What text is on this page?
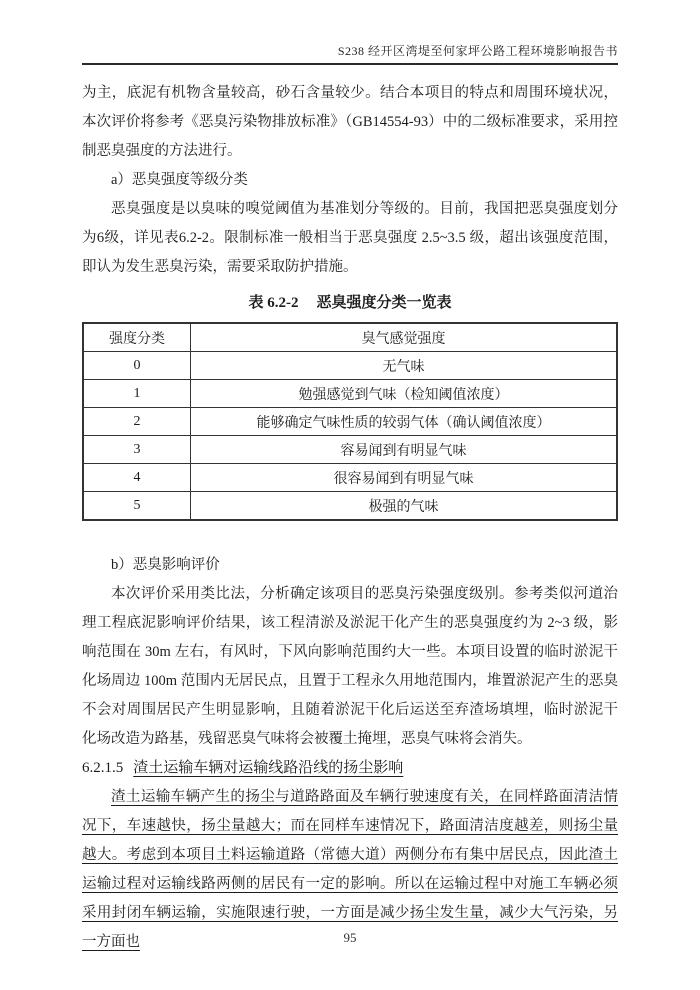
S238 经开区湾堤至何家坪公路工程环境影响报告书

为主，底泥有机物含量较高，砂石含量较少。结合本项目的特点和周围环境状况，本次评价将参考《恶臭污染物排放标准》（GB14554-93）中的二级标准要求，采用控制恶臭强度的方法进行。

a）恶臭强度等级分类

恶臭强度是以臭味的嗅觉阈值为基准划分等级的。目前，我国把恶臭强度划分为6级，详见表6.2-2。限制标准一般相当于恶臭强度 2.5~3.5 级，超出该强度范围，即认为发生恶臭污染，需要采取防护措施。

表 6.2-2 恶臭强度分类一览表
强度分类	臭气感觉强度
0	无气味
1	勉强感觉到气味（检知阈值浓度）
2	能够确定气味性质的较弱气体（确认阈值浓度）
3	容易闻到有明显气味
4	很容易闻到有明显气味
5	极强的气味

b）恶臭影响评价

本次评价采用类比法，分析确定该项目的恶臭污染强度级别。参考类似河道治理工程底泥影响评价结果，该工程清淤及淤泥干化产生的恶臭强度约为 2~3 级，影响范围在 30m 左右，有风时，下风向影响范围约大一些。本项目设置的临时淤泥干化场周边 100m 范围内无居民点，且置于工程永久用地范围内，堆置淤泥产生的恶臭不会对周围居民产生明显影响，且随着淤泥干化后运送至弃渣场填埋，临时淤泥干化场改造为路基，残留恶臭气味将会被覆土掩埋，恶臭气味将会消失。

6.2.1.5 渣土运输车辆对运输线路沿线的扬尘影响

渣土运输车辆产生的扬尘与道路路面及车辆行驶速度有关，在同样路面清洁情况下，车速越快，扬尘量越大；而在同样车速情况下，路面清洁度越差，则扬尘量越大。考虑到本项目土料运输道路（常德大道）两侧分布有集中居民点，因此渣土运输过程对运输线路两侧的居民有一定的影响。所以在运输过程中对施工车辆必须采用封闭车辆运输，实施限速行驶，一方面是减少扬尘发生量，减少大气污染，另一方面也	95
